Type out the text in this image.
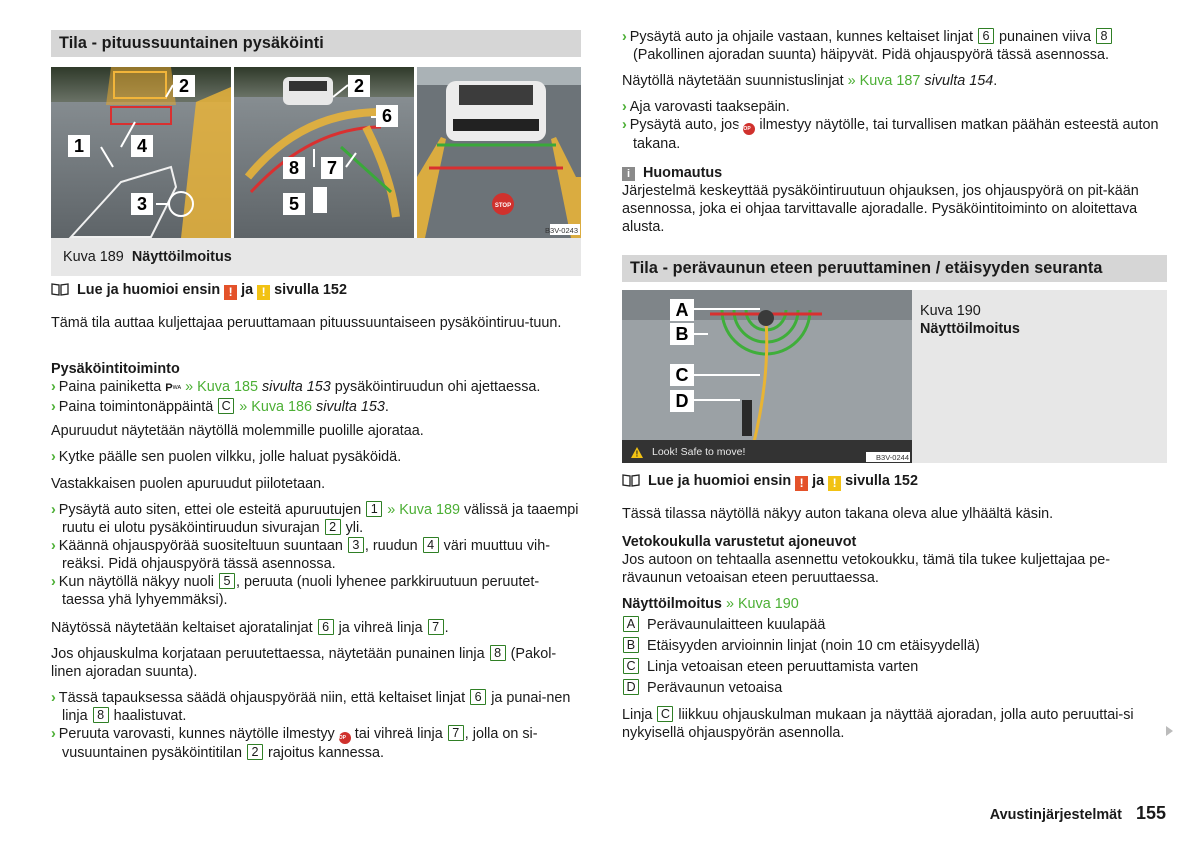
Tila - pituussuuntainen pysäköinti
STOP
2
1	4
3
2
6
8 7
5
B3V-0243
Kuva 189 Näyttöilmoitus
Lue ja huomioi ensin ! ja ! sivulla 152

Tämä tila auttaa kuljettajaa peruuttamaan pituussuuntaiseen pysäköintiruu-tuun.

Pysäköintitoiminto

› Paina painiketta Pᵂᴬ » Kuva 185 sivulta 153 pysäköintiruudun ohi ajettaessa.

› Paina toimintonäppäintä C » Kuva 186 sivulta 153.

Apuruudut näytetään näytöllä molemmille puolille ajorataa.

› Kytke päälle sen puolen vilkku, jolle haluat pysäköidä.

Vastakkaisen puolen apuruudut piilotetaan.

› Pysäytä auto siten, ettei ole esteitä apuruutujen 1 » Kuva 189 välissä ja taaempi ruutu ei ulotu pysäköintiruudun sivurajan 2 yli.

› Käännä ohjauspyörää suositeltuun suuntaan 3 , ruudun 4 väri muuttuu vih-reäksi. Pidä ohjauspyörä tässä asennossa.

› Kun näytöllä näkyy nuoli 5 , peruuta (nuoli lyhenee parkkiruutuun peruutet-taessa yhä lyhyemmäksi).

Näytössä näytetään keltaiset ajoratalinjat 6 ja vihreä linja 7 .

Jos ohjauskulma korjataan peruutettaessa, näytetään punainen linja 8 (Pakol-linen ajoradan suunta).

› Tässä tapauksessa säädä ohjauspyörää niin, että keltaiset linjat 6 ja punai-nen linja 8 haalistuvat.

› Peruuta varovasti, kunnes näytölle ilmestyy STOP tai vihreä linja 7 , jolla on si-vusuuntainen pysäköintitilan 2 rajoitus kannessa.

› Pysäytä auto ja ohjaile vastaan, kunnes keltaiset linjat 6 punainen viiva 8 (Pakollinen ajoradan suunta) häipyvät. Pidä ohjauspyörä tässä asennossa.

Näytöllä näytetään suunnistuslinjat » Kuva 187 sivulta 154.

› Aja varovasti taaksepäin.

› Pysäytä auto, jos STOP ilmestyy näytölle, tai turvallisen matkan päähän esteestä auton takana.

i Huomautus

Järjestelmä keskeyttää pysäköintiruutuun ohjauksen, jos ohjauspyörä on pit-kään asennossa, joka ei ohjaa tarvittavalle ajoradalle. Pysäköintitoiminto on aloitettava alusta.

Tila - perävaunun eteen peruuttaminen / etäisyyden seuranta
A
B
C
D
! Look! Safe to move!	B3V-0244
Kuva 190
Näyttöilmoitus
Lue ja huomioi ensin ! ja ! sivulla 152

Tässä tilassa näytöllä näkyy auton takana oleva alue ylhäältä käsin.

Vetokoukulla varustetut ajoneuvot

Jos autoon on tehtaalla asennettu vetokoukku, tämä tila tukee kuljettajaa pe-rävaunun vetoaisan eteen peruuttaessa.

Näyttöilmoitus » Kuva 190

A Perävaunulaitteen kuulapää

B Etäisyyden arvioinnin linjat (noin 10 cm etäisyydellä)

C Linja vetoaisan eteen peruuttamista varten

D Perävaunun vetoaisa

Linja C liikkuu ohjauskulman mukaan ja näyttää ajoradan, jolla auto peruuttai-si nykyisellä ohjauspyörän asennolla.

Avustinjärjestelmät 155
